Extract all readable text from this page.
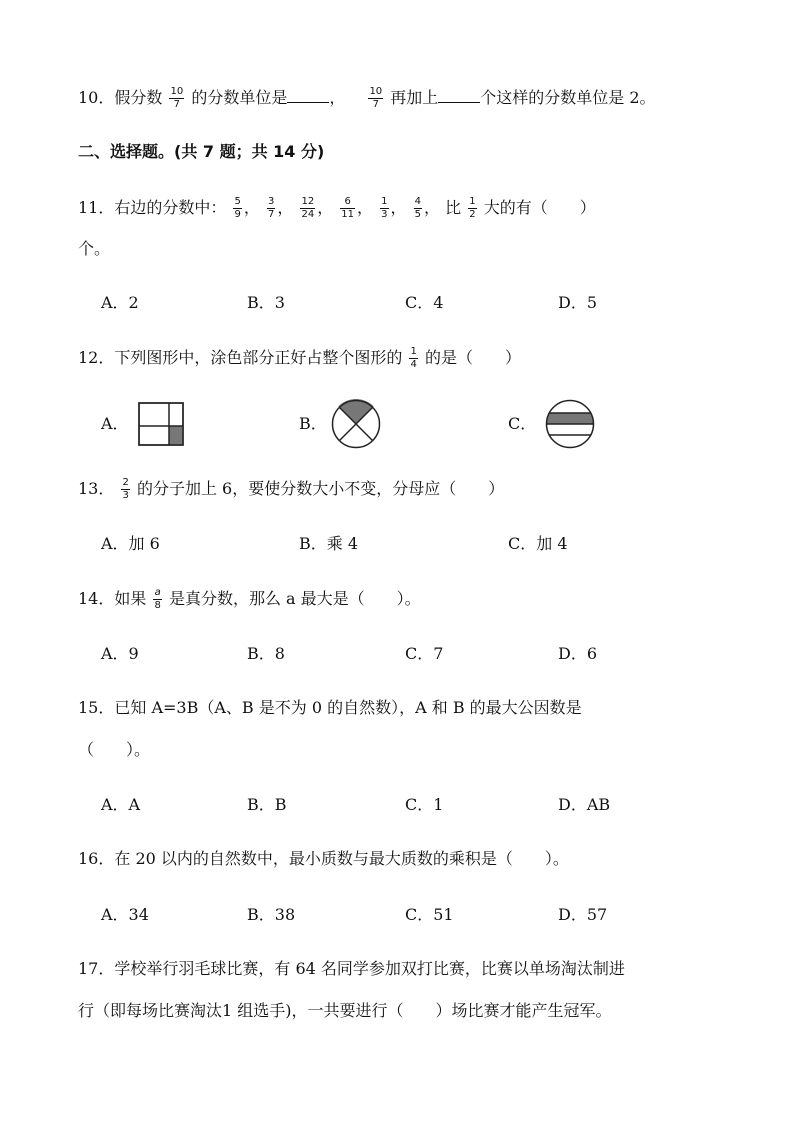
10．假分数 $\frac{10}{7}$ 的分数单位是	， $\frac{10}{7}$ 再加上	个这样的分数单位是 2。
二、选择题。(共 7 题；共 14 分)
11．右边的分数中： $\frac{5}{9}$ ， $\frac{3}{7}$ ， $\frac{12}{24}$ ， $\frac{6}{11}$ ， $\frac{1}{3}$ ， $\frac{4}{5}$ ， 比 $\frac{1}{2}$ 大的有（　　）
个。
A．2	B．3	C．4	D．5
12．下列图形中，涂色部分正好占整个图形的 $\frac{1}{4}$ 的是（　　）
A．	B．	C．
13． $\frac{2}{3}$ 的分子加上 6，要使分数大小不变，分母应（　　）
A．加 6	B．乘 4	C．加 4
14．如果 $\frac{a}{8}$ 是真分数，那么 a 最大是（　　）。
A．9	B．8	C．7	D．6
15．已知 A=3B（A、B 是不为 0 的自然数），A 和 B 的最大公因数是
（　　）。
A．A	B．B	C．1	D．AB
16．在 20 以内的自然数中，最小质数与最大质数的乘积是（　　）。
A．34	B．38	C．51	D．57
17．学校举行羽毛球比赛，有 64 名同学参加双打比赛，比赛以单场淘汰制进
行（即每场比赛淘汰1 组选手)，一共要进行（　　）场比赛才能产生冠军。
